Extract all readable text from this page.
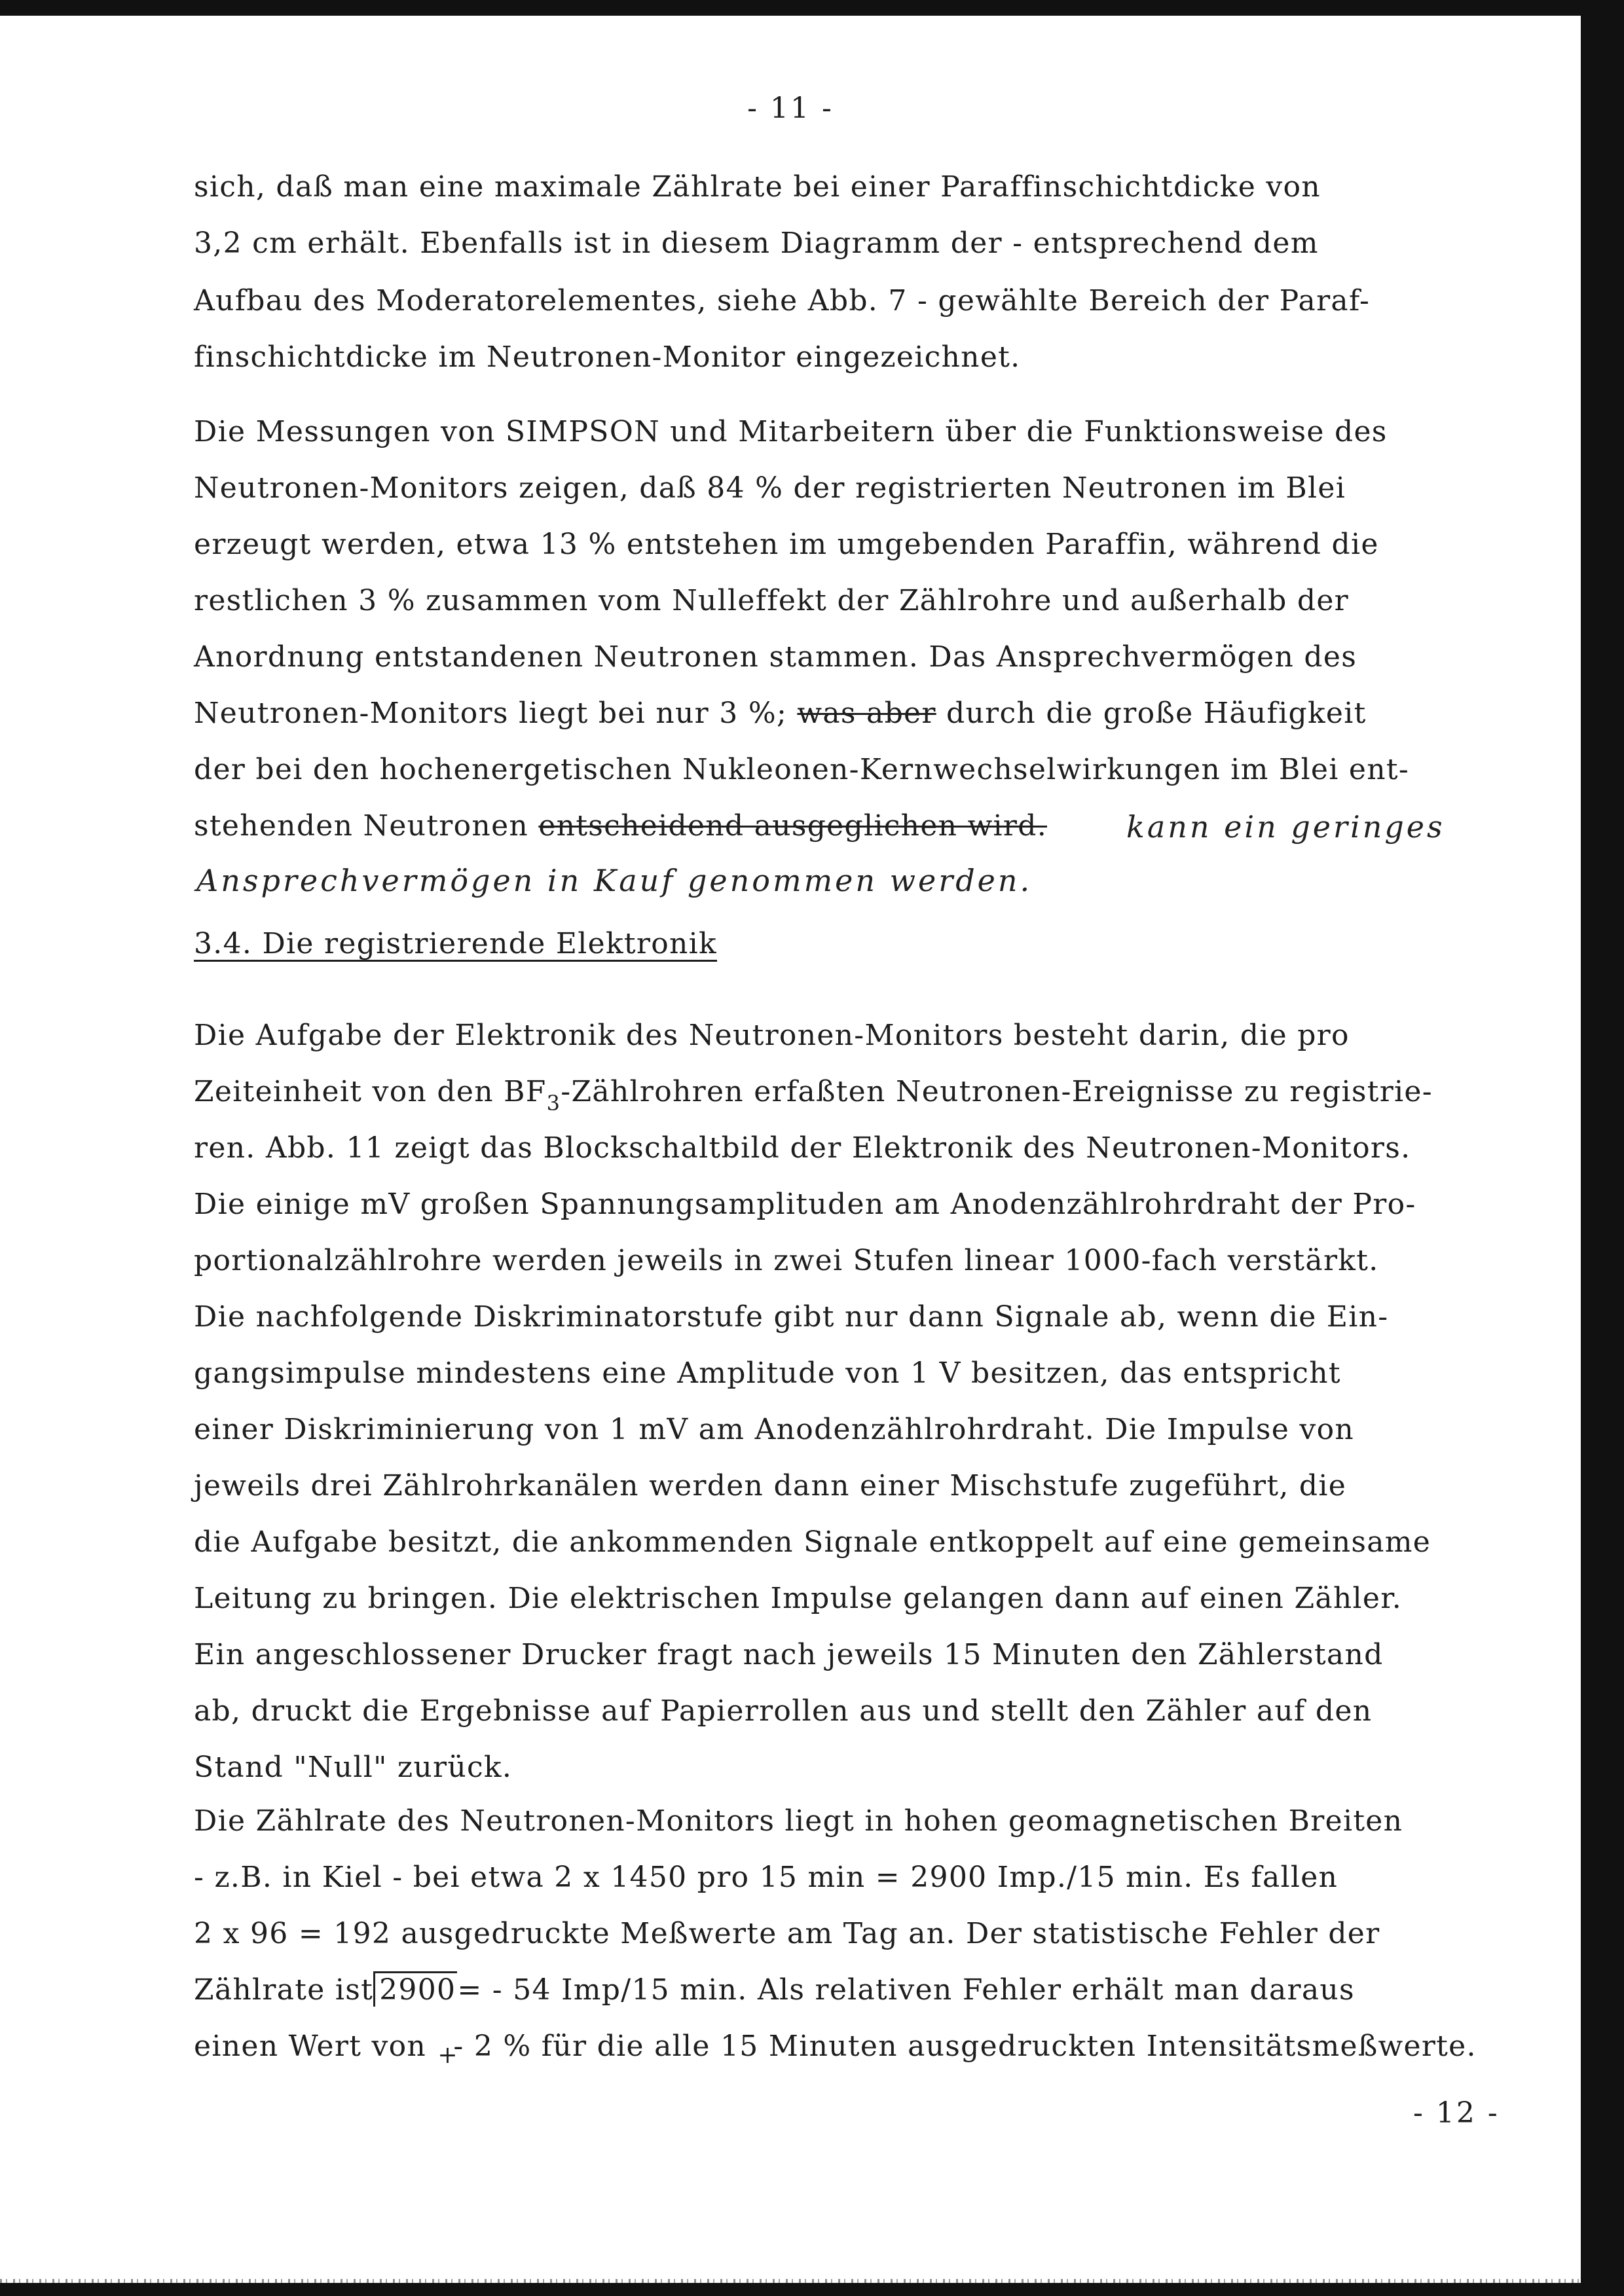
- 11 -
sich, daß man eine maximale Zählrate bei einer Paraffinschichtdicke von
3,2 cm erhält. Ebenfalls ist in diesem Diagramm der - entsprechend dem
Aufbau des Moderatorelementes, siehe Abb. 7 - gewählte Bereich der Paraf-
finschichtdicke im Neutronen-Monitor eingezeichnet.
Die Messungen von SIMPSON und Mitarbeitern über die Funktionsweise des
Neutronen-Monitors zeigen, daß 84 % der registrierten Neutronen im Blei
erzeugt werden, etwa 13 % entstehen im umgebenden Paraffin, während die
restlichen 3 % zusammen vom Nulleffekt der Zählrohre und außerhalb der
Anordnung entstandenen Neutronen stammen. Das Ansprechvermögen des
Neutronen-Monitors liegt bei nur 3 %; was aber durch die große Häufigkeit
der bei den hochenergetischen Nukleonen-Kernwechselwirkungen im Blei ent-
stehenden Neutronen entscheidend ausgeglichen wird.	kann ein geringes
Ansprechvermögen in Kauf genommen werden.
3.4. Die registrierende Elektronik
Die Aufgabe der Elektronik des Neutronen-Monitors besteht darin, die pro
Zeiteinheit von den $BF_3$-Zählrohren erfaßten Neutronen-Ereignisse zu registrie-
ren. Abb. 11 zeigt das Blockschaltbild der Elektronik des Neutronen-Monitors.
Die einige mV großen Spannungsamplituden am Anodenzählrohrdraht der Pro-
portionalzählrohre werden jeweils in zwei Stufen linear 1000-fach verstärkt.
Die nachfolgende Diskriminatorstufe gibt nur dann Signale ab, wenn die Ein-
gangsimpulse mindestens eine Amplitude von 1 V besitzen, das entspricht
einer Diskriminierung von 1 mV am Anodenzählrohrdraht. Die Impulse von
jeweils drei Zählrohrkanälen werden dann einer Mischstufe zugeführt, die
die Aufgabe besitzt, die ankommenden Signale entkoppelt auf eine gemeinsame
Leitung zu bringen. Die elektrischen Impulse gelangen dann auf einen Zähler.
Ein angeschlossener Drucker fragt nach jeweils 15 Minuten den Zählerstand
ab, druckt die Ergebnisse auf Papierrollen aus und stellt den Zähler auf den
Stand "Null" zurück.
Die Zählrate des Neutronen-Monitors liegt in hohen geomagnetischen Breiten
- z.B. in Kiel - bei etwa 2 x 1450 pro 15 min = 2900 Imp./15 min. Es fallen
2 x 96 = 192 ausgedruckte Meßwerte am Tag an. Der statistische Fehler der
Zählrate ist 2900= - 54 Imp/15 min. Als relativen Fehler erhält man daraus
einen Wert von - 2 % für die alle 15 Minuten ausgedruckten Intensitätsmeßwerte.
- 12 -
